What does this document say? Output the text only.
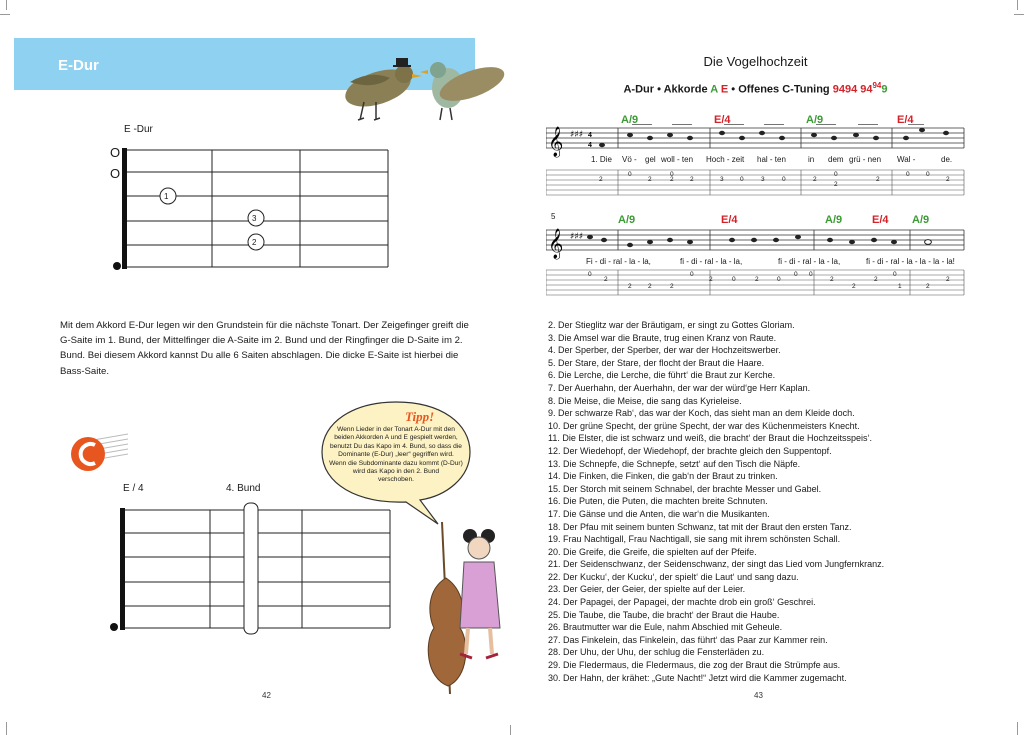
E-Dur
E -Dur
O
O
1
3
2
Mit dem Akkord E-Dur legen wir den Grundstein für die nächste Tonart. Der Zeigefinger greift die G-Saite im 1. Bund, der Mittelfinger die A-Saite im 2. Bund und der Ringfinger die D-Saite im 2. Bund. Bei diesem Akkord kannst Du alle 6 Saiten abschlagen. Die dicke E-Saite ist hierbei die Bass-Saite.
E / 4	4. Bund
Tipp!
Wenn Lieder in der Tonart A-Dur mit den
beiden Akkorden A und E gespielt werden,
benutzt Du das Kapo im 4. Bund, so dass die
Dominante (E-Dur) „leer“ gegriffen wird.
Wenn die Subdominante dazu kommt (D-Dur)
wird das Kapo in den 2. Bund
verschoben.
42
Die Vogelhochzeit
A-Dur • Akkorde A E • Offenes C-Tuning 9494 $94^{94}9$
A/9	E/4	A/9	E/4
𝄞 ♯♯♯ 4
4
1. Die Vö - gel woll - ten Hoch - zeit hal - ten	in dem grü - nen Wal -	de.
2
0
2	2
0
2	3	0	3	0	2
0
2
2
0	0
2
5	A/9	E/4	A/9	E/4 A/9
𝄞 ♯♯♯
Fi - di - ral - la - la,	fi - di - ral - la - la,	fi - di - ral - la - la,	fi - di - ral - la - la - la - la!
0
2
2	2	2
0
2	0	2	0
0 0
2
2
2
0
1	2
2
2. Der Stieglitz war der Bräutigam, er singt zu Gottes Gloriam.
3. Die Amsel war die Braute, trug einen Kranz von Raute.
4. Der Sperber, der Sperber, der war der Hochzeitswerber.
5. Der Stare, der Stare, der flocht der Braut die Haare.
6. Die Lerche, die Lerche, die führt‘ die Braut zur Kerche.
7. Der Auerhahn, der Auerhahn, der war der würd‘ge Herr Kaplan.
8. Die Meise, die Meise, die sang das Kyrieleise.
9. Der schwarze Rab‘, das war der Koch, das sieht man an dem Kleide doch.
10. Der grüne Specht, der grüne Specht, der war des Küchenmeisters Knecht.
11. Die Elster, die ist schwarz und weiß, die bracht‘ der Braut die Hochzeitsspeis‘.
12. Der Wiedehopf, der Wiedehopf, der brachte gleich den Suppentopf.
13. Die Schnepfe, die Schnepfe, setzt‘ auf den Tisch die Näpfe.
14. Die Finken, die Finken, die gab‘n der Braut zu trinken.
15. Der Storch mit seinem Schnabel, der brachte Messer und Gabel.
16. Die Puten, die Puten, die machten breite Schnuten.
17. Die Gänse und die Anten, die war‘n die Musikanten.
18. Der Pfau mit seinem bunten Schwanz, tat mit der Braut den ersten Tanz.
19. Frau Nachtigall, Frau Nachtigall, sie sang mit ihrem schönsten Schall.
20. Die Greife, die Greife, die spielten auf der Pfeife.
21. Der Seidenschwanz, der Seidenschwanz, der singt das Lied vom Jungfernkranz.
22. Der Kucku‘, der Kucku‘, der spielt‘ die Laut‘ und sang dazu.
23. Der Geier, der Geier, der spielte auf der Leier.
24. Der Papagei, der Papagei, der machte drob ein groß‘ Geschrei.
25. Die Taube, die Taube, die bracht‘ der Braut die Haube.
26. Brautmutter war die Eule, nahm Abschied mit Geheule.
27. Das Finkelein, das Finkelein, das führt‘ das Paar zur Kammer rein.
28. Der Uhu, der Uhu, der schlug die Fensterläden zu.
29. Die Fledermaus, die Fledermaus, die zog der Braut die Strümpfe aus.
30. Der Hahn, der krähet: „Gute Nacht!“ Jetzt wird die Kammer zugemacht.
43
